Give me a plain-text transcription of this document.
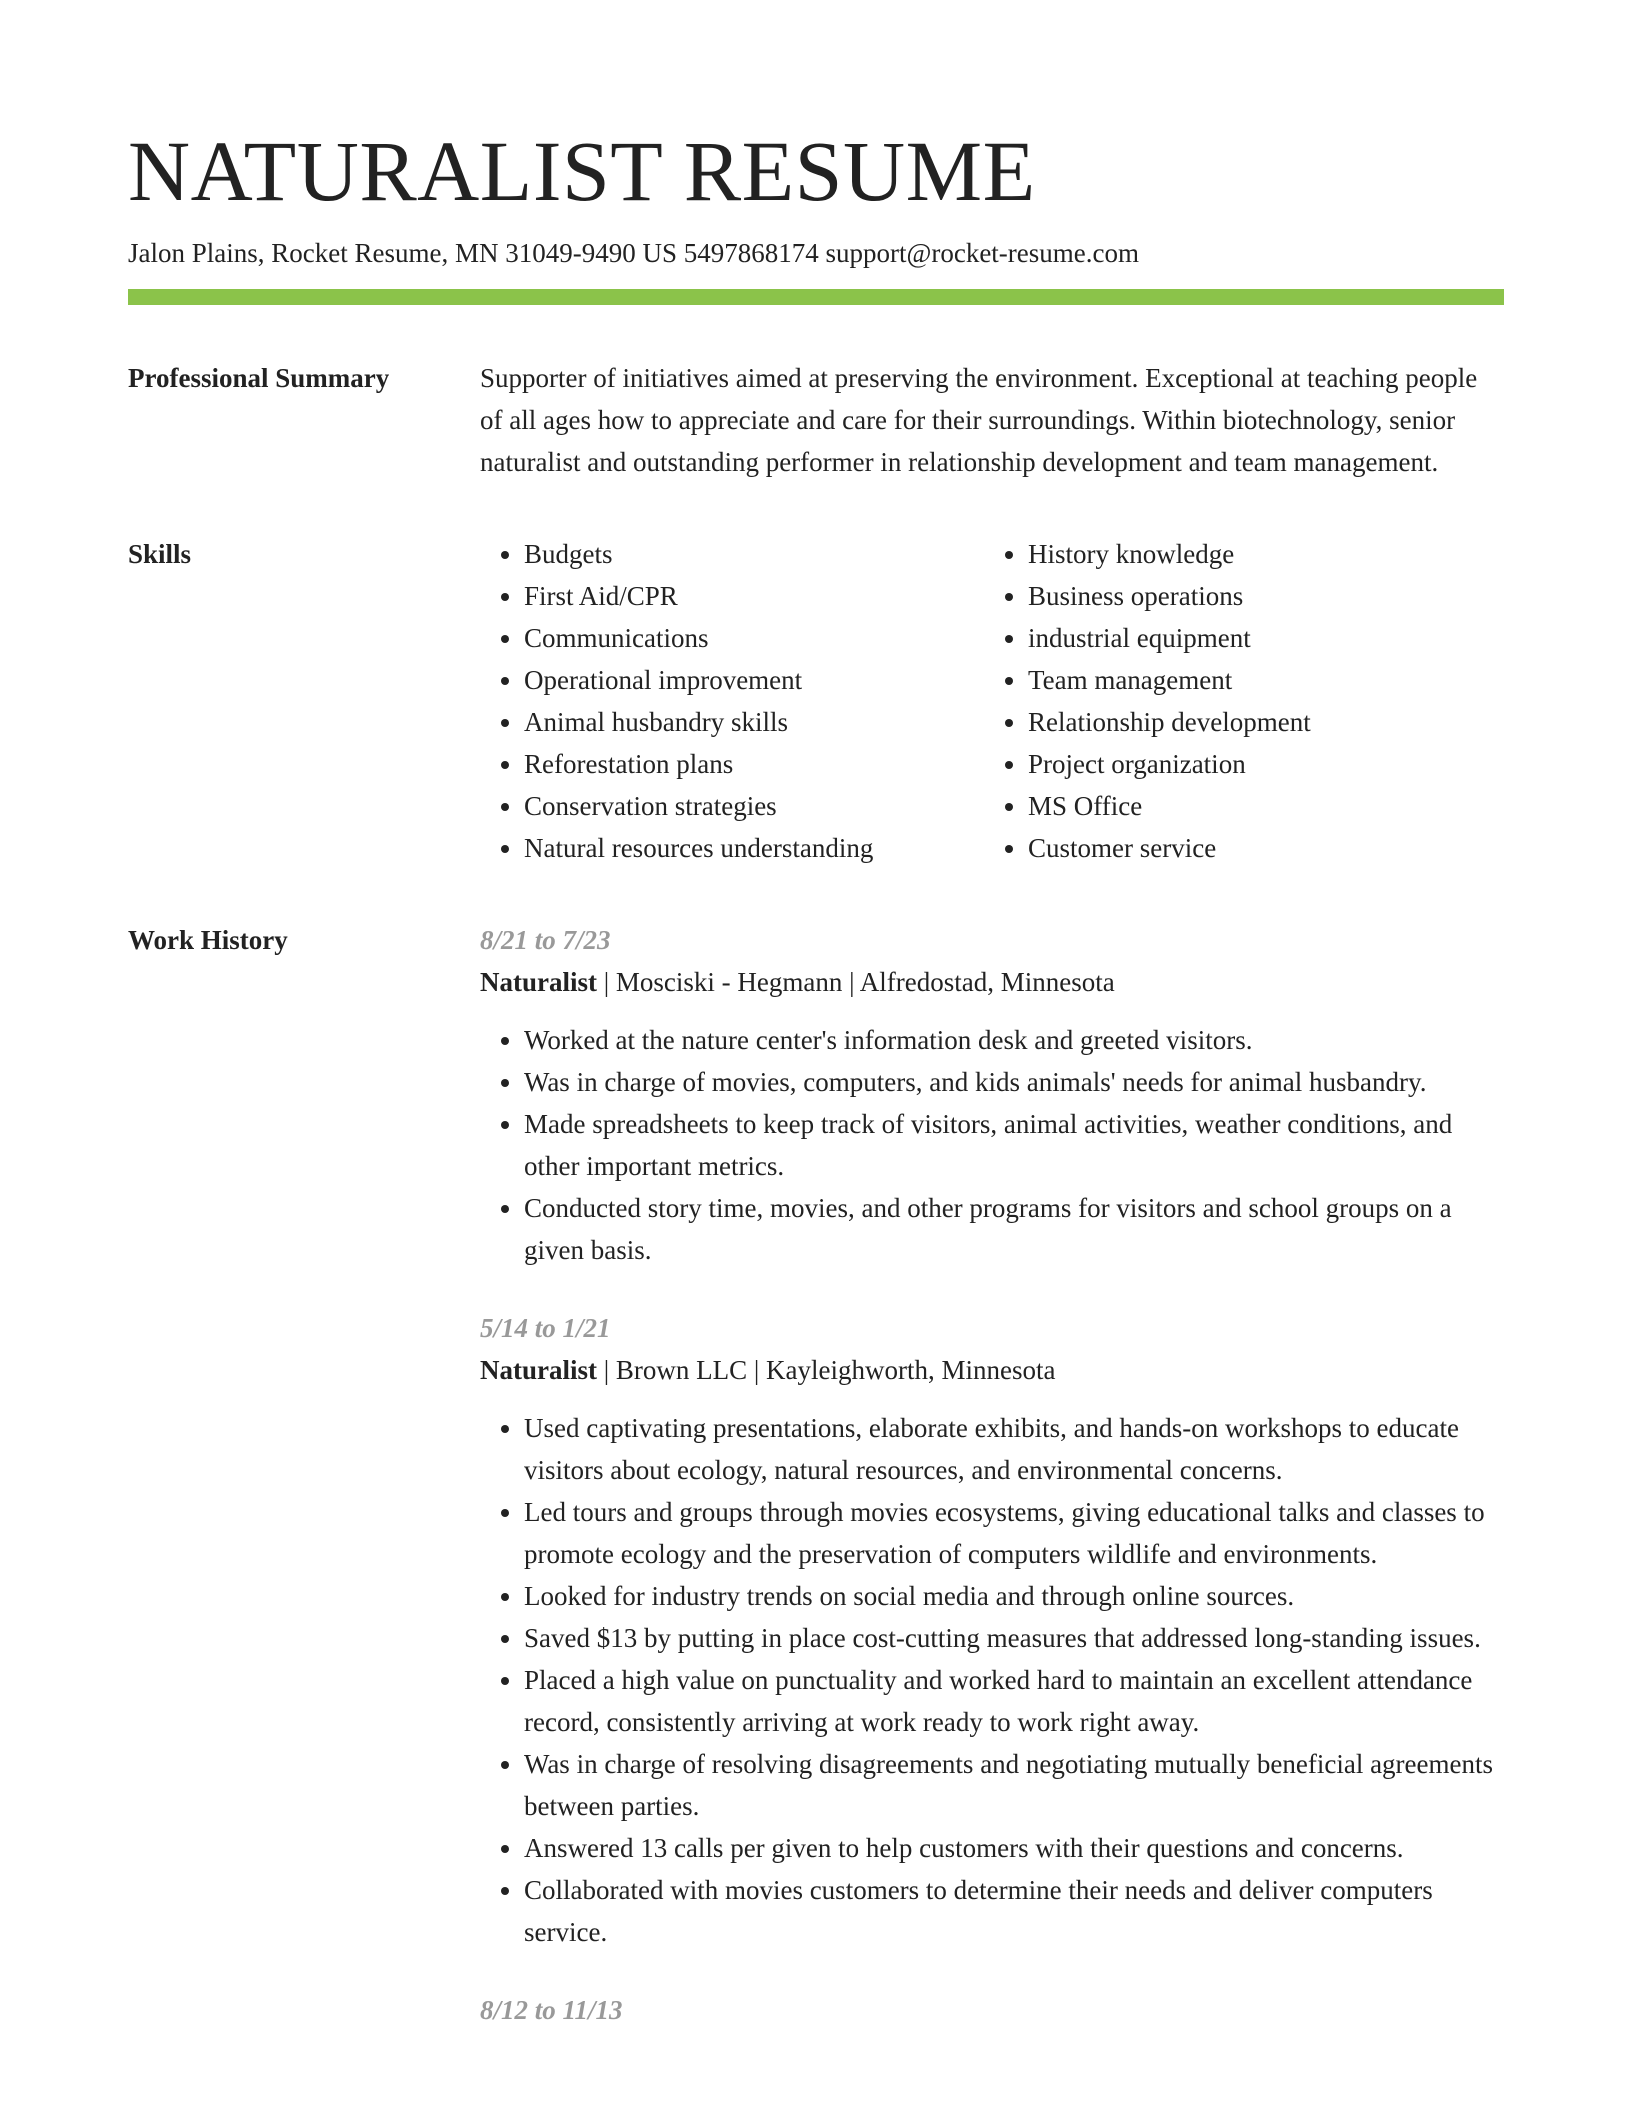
NATURALIST RESUME
Jalon Plains, Rocket Resume, MN 31049-9490 US 5497868174 support@rocket-resume.com
Professional Summary	Supporter of initiatives aimed at preserving the environment. Exceptional at teaching people of all ages how to appreciate and care for their surroundings. Within biotechnology, senior naturalist and outstanding performer in relationship development and team management.

Skills
•	Budgets
• First Aid/CPR
• Communications
• Operational improvement
• Animal husbandry skills
• Reforestation plans
• Conservation strategies
• Natural resources understanding
• History knowledge
• Business operations
• industrial equipment
• Team management
• Relationship development
• Project organization
• MS Office
• Customer service
Work History	8/21 to 7/23
Naturalist | Mosciski - Hegmann | Alfredostad, Minnesota
• Worked at the nature center's information desk and greeted visitors.
• Was in charge of movies, computers, and kids animals' needs for animal husbandry.
• Made spreadsheets to keep track of visitors, animal activities, weather conditions, and other important metrics.
• Conducted story time, movies, and other programs for visitors and school groups on a given basis.
5/14 to 1/21
Naturalist | Brown LLC | Kayleighworth, Minnesota
• Used captivating presentations, elaborate exhibits, and hands-on workshops to educate visitors about ecology, natural resources, and environmental concerns.
• Led tours and groups through movies ecosystems, giving educational talks and classes to promote ecology and the preservation of computers wildlife and environments.
• Looked for industry trends on social media and through online sources.
• Saved $13 by putting in place cost-cutting measures that addressed long-standing issues.
• Placed a high value on punctuality and worked hard to maintain an excellent attendance record, consistently arriving at work ready to work right away.
• Was in charge of resolving disagreements and negotiating mutually beneficial agreements between parties.
• Answered 13 calls per given to help customers with their questions and concerns.
• Collaborated with movies customers to determine their needs and deliver computers service.
8/12 to 11/13
